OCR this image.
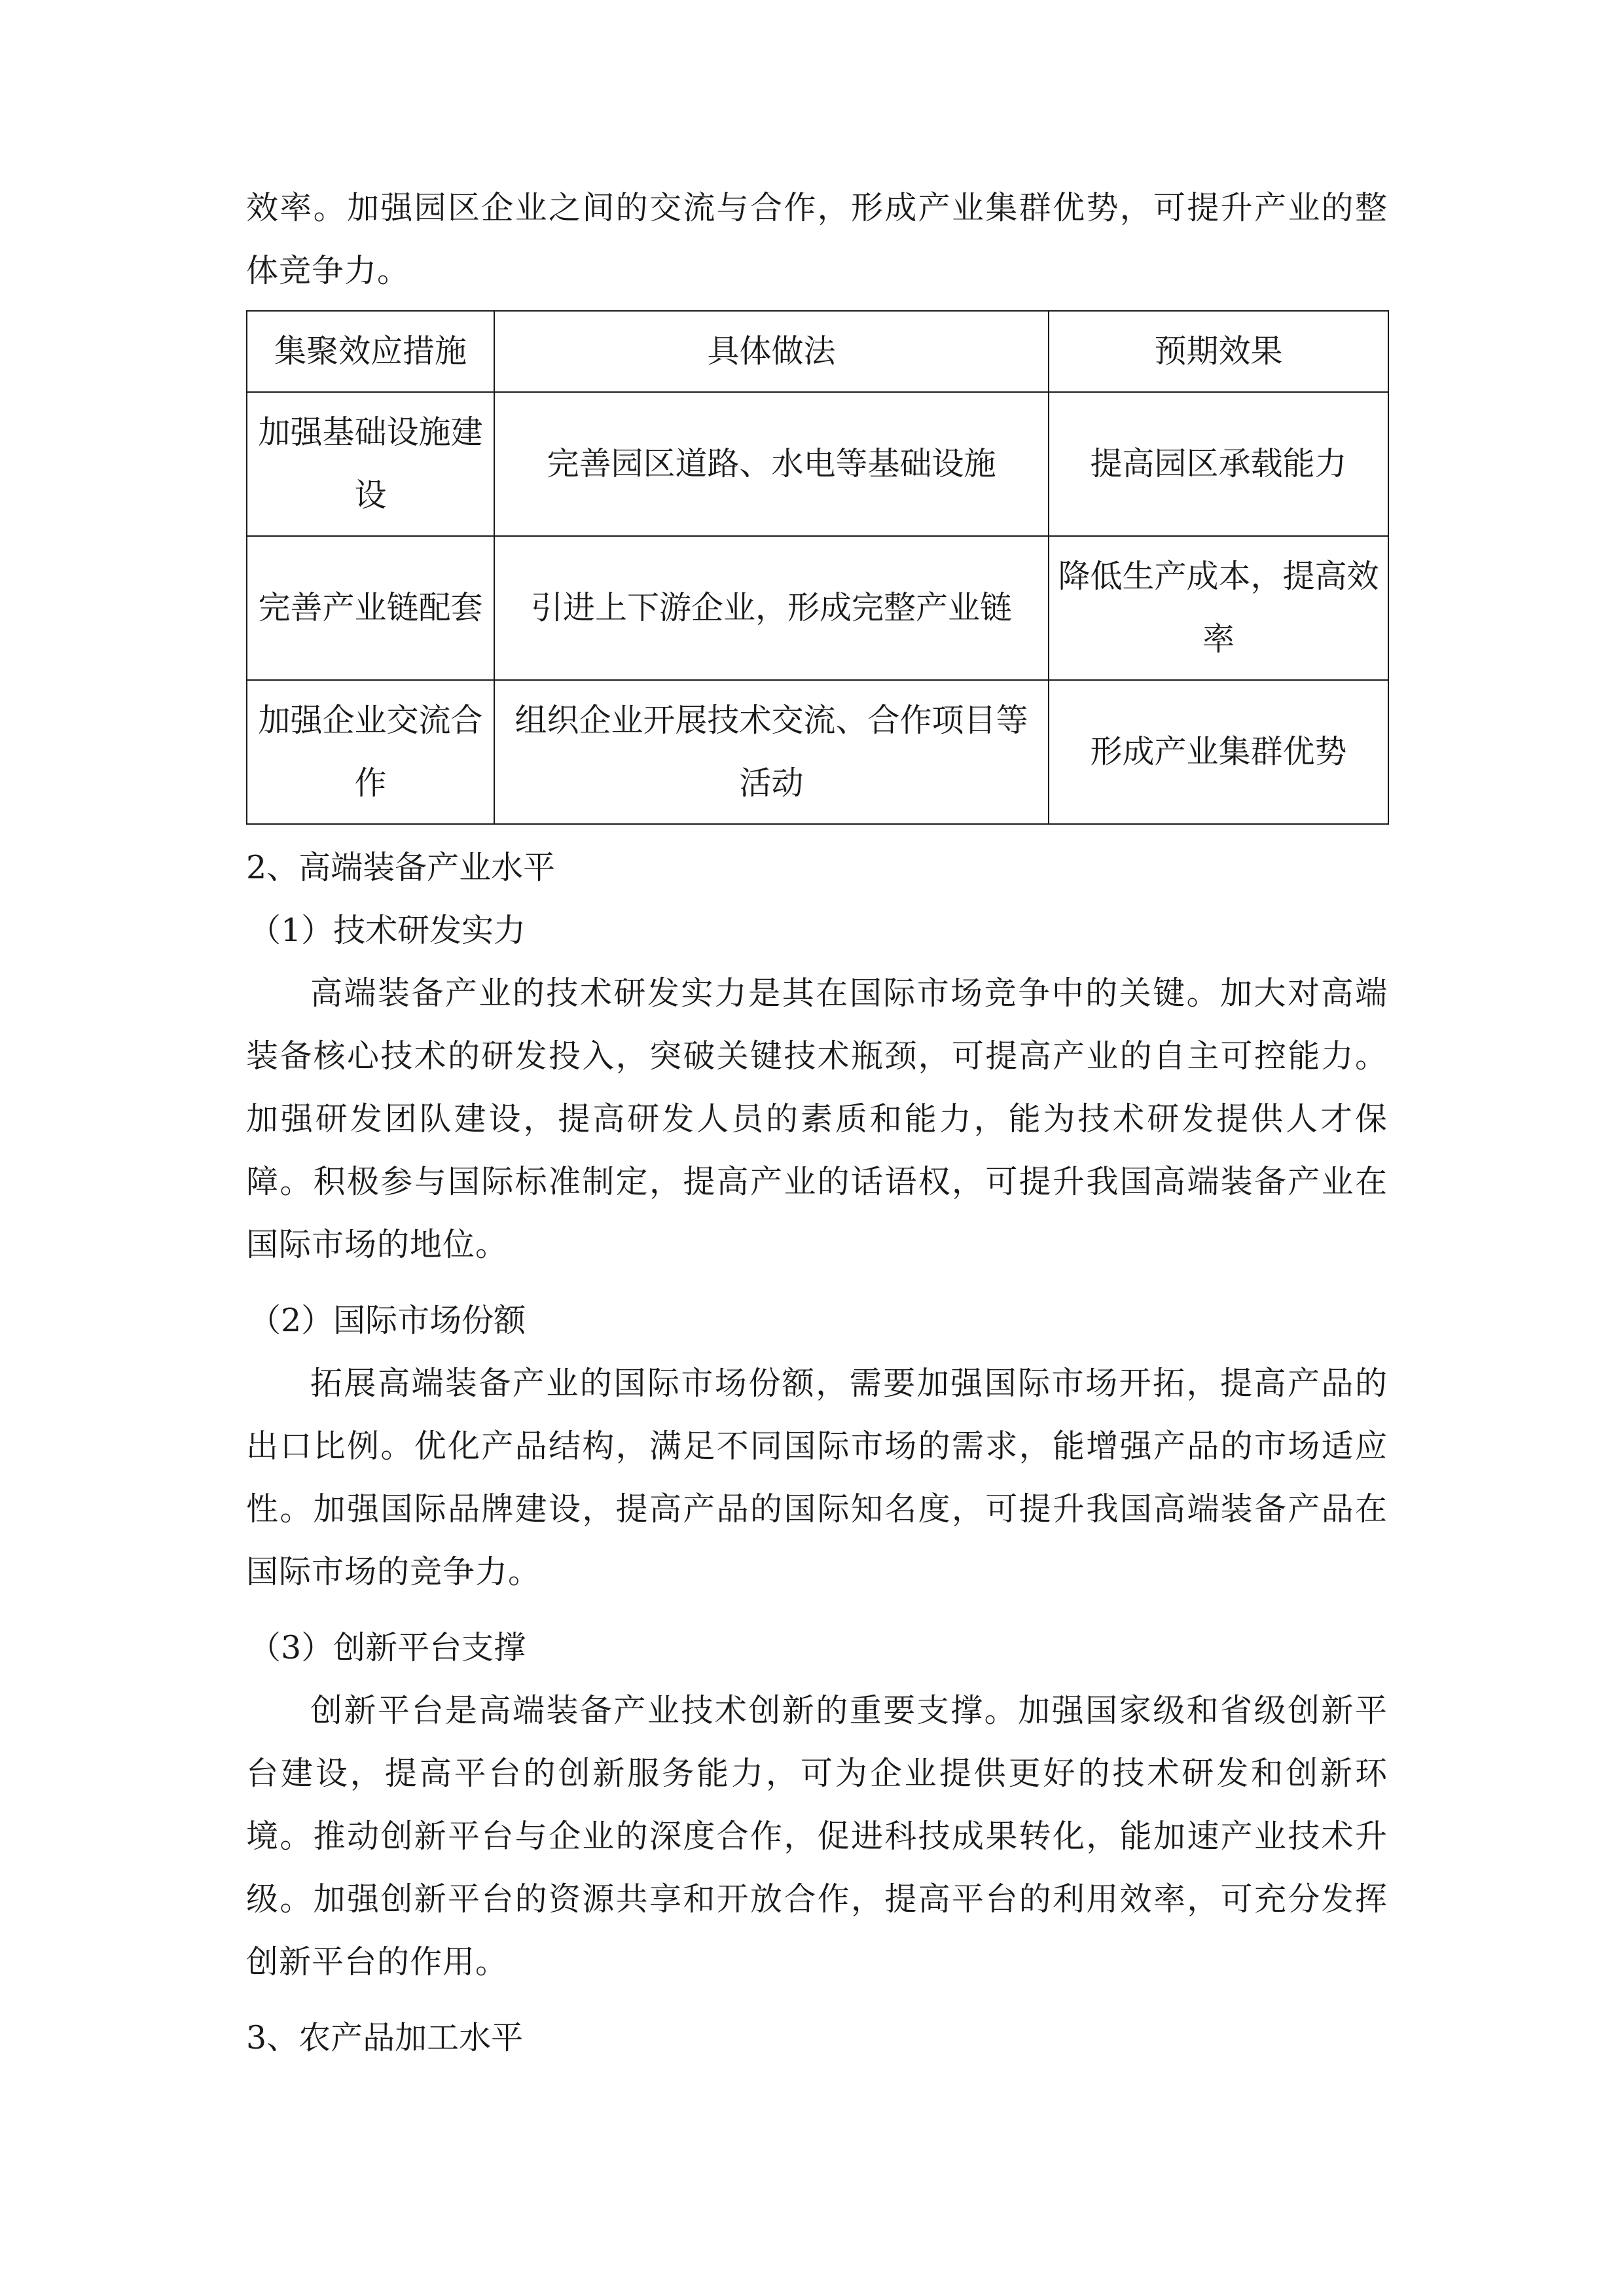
效率。加强园区企业之间的交流与合作，形成产业集群优势，可提升产业的整体竞争力。

集聚效应措施	具体做法	预期效果
加强基础设施建设	完善园区道路、水电等基础设施	提高园区承载能力
完善产业链配套	引进上下游企业，形成完整产业链	降低生产成本，提高效率
加强企业交流合作	组织企业开展技术交流、合作项目等活动	形成产业集群优势

2、高端装备产业水平

（1）技术研发实力

高端装备产业的技术研发实力是其在国际市场竞争中的关键。加大对高端装备核心技术的研发投入，突破关键技术瓶颈，可提高产业的自主可控能力。加强研发团队建设，提高研发人员的素质和能力，能为技术研发提供人才保障。积极参与国际标准制定，提高产业的话语权，可提升我国高端装备产业在国际市场的地位。

（2）国际市场份额

拓展高端装备产业的国际市场份额，需要加强国际市场开拓，提高产品的出口比例。优化产品结构，满足不同国际市场的需求，能增强产品的市场适应性。加强国际品牌建设，提高产品的国际知名度，可提升我国高端装备产品在国际市场的竞争力。

（3）创新平台支撑

创新平台是高端装备产业技术创新的重要支撑。加强国家级和省级创新平台建设，提高平台的创新服务能力，可为企业提供更好的技术研发和创新环境。推动创新平台与企业的深度合作，促进科技成果转化，能加速产业技术升级。加强创新平台的资源共享和开放合作，提高平台的利用效率，可充分发挥创新平台的作用。

3、农产品加工水平
